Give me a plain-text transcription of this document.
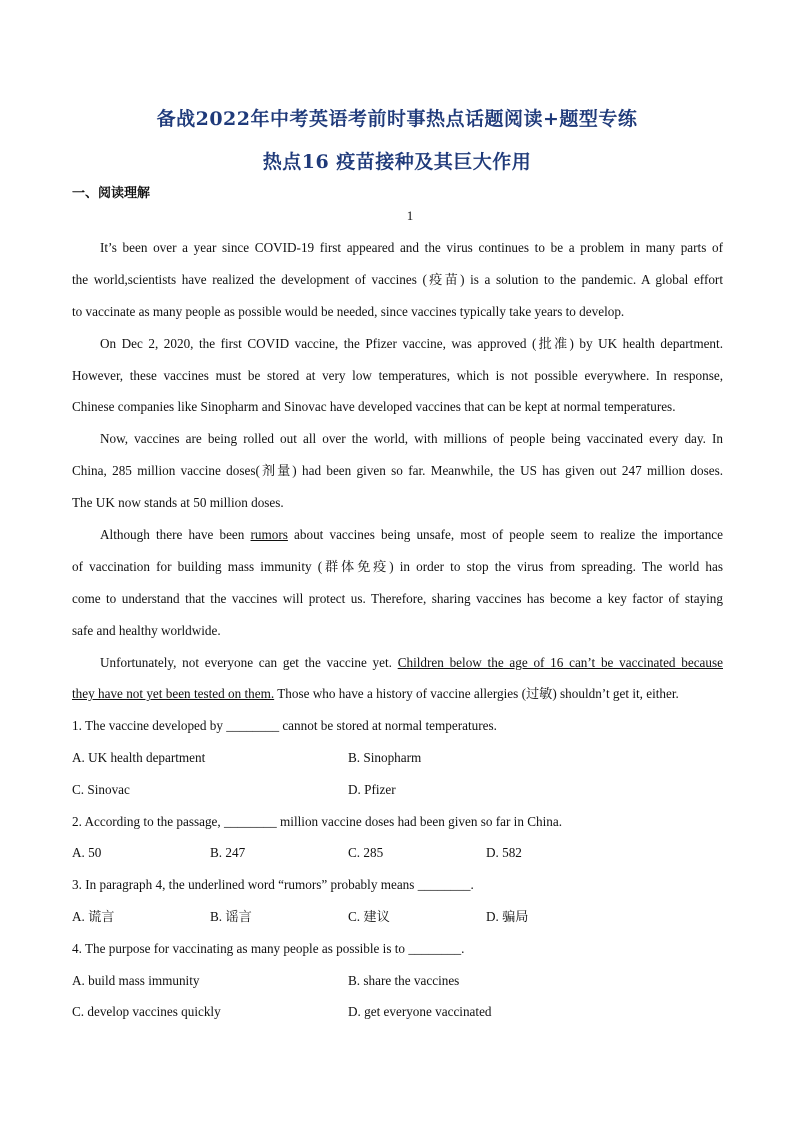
备战2022年中考英语考前时事热点话题阅读+题型专练
热点16 疫苗接种及其巨大作用
一、阅读理解
1
It’s been over a year since COVID-19 first appeared and the virus continues to be a problem in many parts of
the world,scientists have realized the development of vaccines (疫苗) is a solution to the pandemic. A global effort
to vaccinate as many people as possible would be needed, since vaccines typically take years to develop.
On Dec 2, 2020, the first COVID vaccine, the Pfizer vaccine, was approved (批准) by UK health department.
However, these vaccines must be stored at very low temperatures, which is not possible everywhere. In response,
Chinese companies like Sinopharm and Sinovac have developed vaccines that can be kept at normal temperatures.
Now, vaccines are being rolled out all over the world, with millions of people being vaccinated every day. In
China, 285 million vaccine doses(剂量) had been given so far. Meanwhile, the US has given out 247 million doses.
The UK now stands at 50 million doses.
Although there have been rumors about vaccines being unsafe, most of people seem to realize the importance
of vaccination for building mass immunity (群体免疫) in order to stop the virus from spreading. The world has
come to understand that the vaccines will protect us. Therefore, sharing vaccines has become a key factor of staying
safe and healthy worldwide.
Unfortunately, not everyone can get the vaccine yet. Children below the age of 16 can’t be vaccinated because
they have not yet been tested on them. Those who have a history of vaccine allergies (过敏) shouldn’t get it, either.
1. The vaccine developed by ________ cannot be stored at normal temperatures.
A. UK health department	B. Sinopharm
C. Sinovac	D. Pfizer
2. According to the passage, ________ million vaccine doses had been given so far in China.
A. 50	B. 247	C. 285	D. 582
3. In paragraph 4, the underlined word “rumors” probably means ________.
A. 谎言	B. 谣言	C. 建议	D. 骗局
4. The purpose for vaccinating as many people as possible is to ________.
A. build mass immunity	B. share the vaccines
C. develop vaccines quickly	D. get everyone vaccinated
